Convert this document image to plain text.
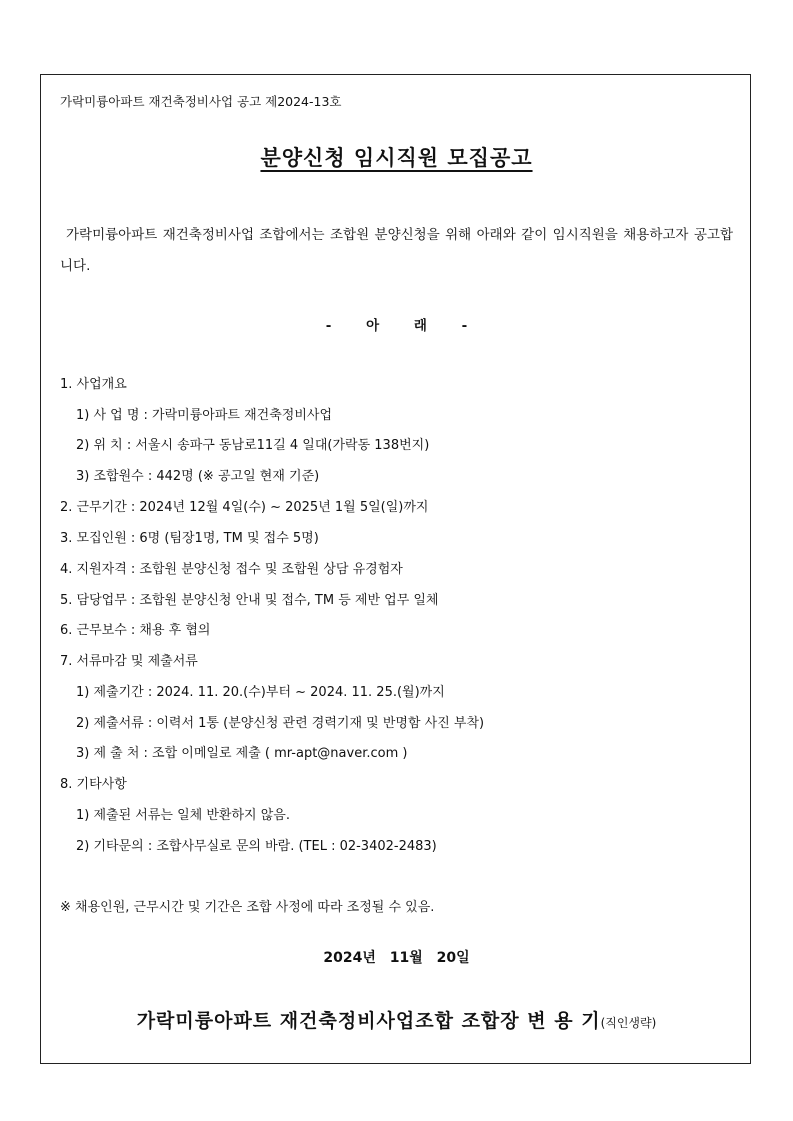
가락미륭아파트 재건축정비사업 공고 제2024-13호
분양신청 임시직원 모집공고
가락미륭아파트 재건축정비사업 조합에서는 조합원 분양신청을 위해 아래와 같이 임시직원을 채용하고자 공고합니다.
- 아 래 -
1. 사업개요
1) 사 업 명 : 가락미륭아파트 재건축정비사업
2) 위 치 : 서울시 송파구 동남로11길 4 일대(가락동 138번지)
3) 조합원수 : 442명 (※ 공고일 현재 기준)
2. 근무기간 : 2024년 12월 4일(수) ~ 2025년 1월 5일(일)까지
3. 모집인원 : 6명 (팀장1명, TM 및 접수 5명)
4. 지원자격 : 조합원 분양신청 접수 및 조합원 상담 유경험자
5. 담당업무 : 조합원 분양신청 안내 및 접수, TM 등 제반 업무 일체
6. 근무보수 : 채용 후 협의
7. 서류마감 및 제출서류
1) 제출기간 : 2024. 11. 20.(수)부터 ~ 2024. 11. 25.(월)까지
2) 제출서류 : 이력서 1통 (분양신청 관련 경력기재 및 반명함 사진 부착)
3) 제 출 처 : 조합 이메일로 제출 ( mr-apt@naver.com )
8. 기타사항
1) 제출된 서류는 일체 반환하지 않음.
2) 기타문의 : 조합사무실로 문의 바람. (TEL : 02-3402-2483)
※ 채용인원, 근무시간 및 기간은 조합 사정에 따라 조정될 수 있음.
2024년 11월 20일
가락미륭아파트 재건축정비사업조합 조합장 변 용 기(직인생략)
